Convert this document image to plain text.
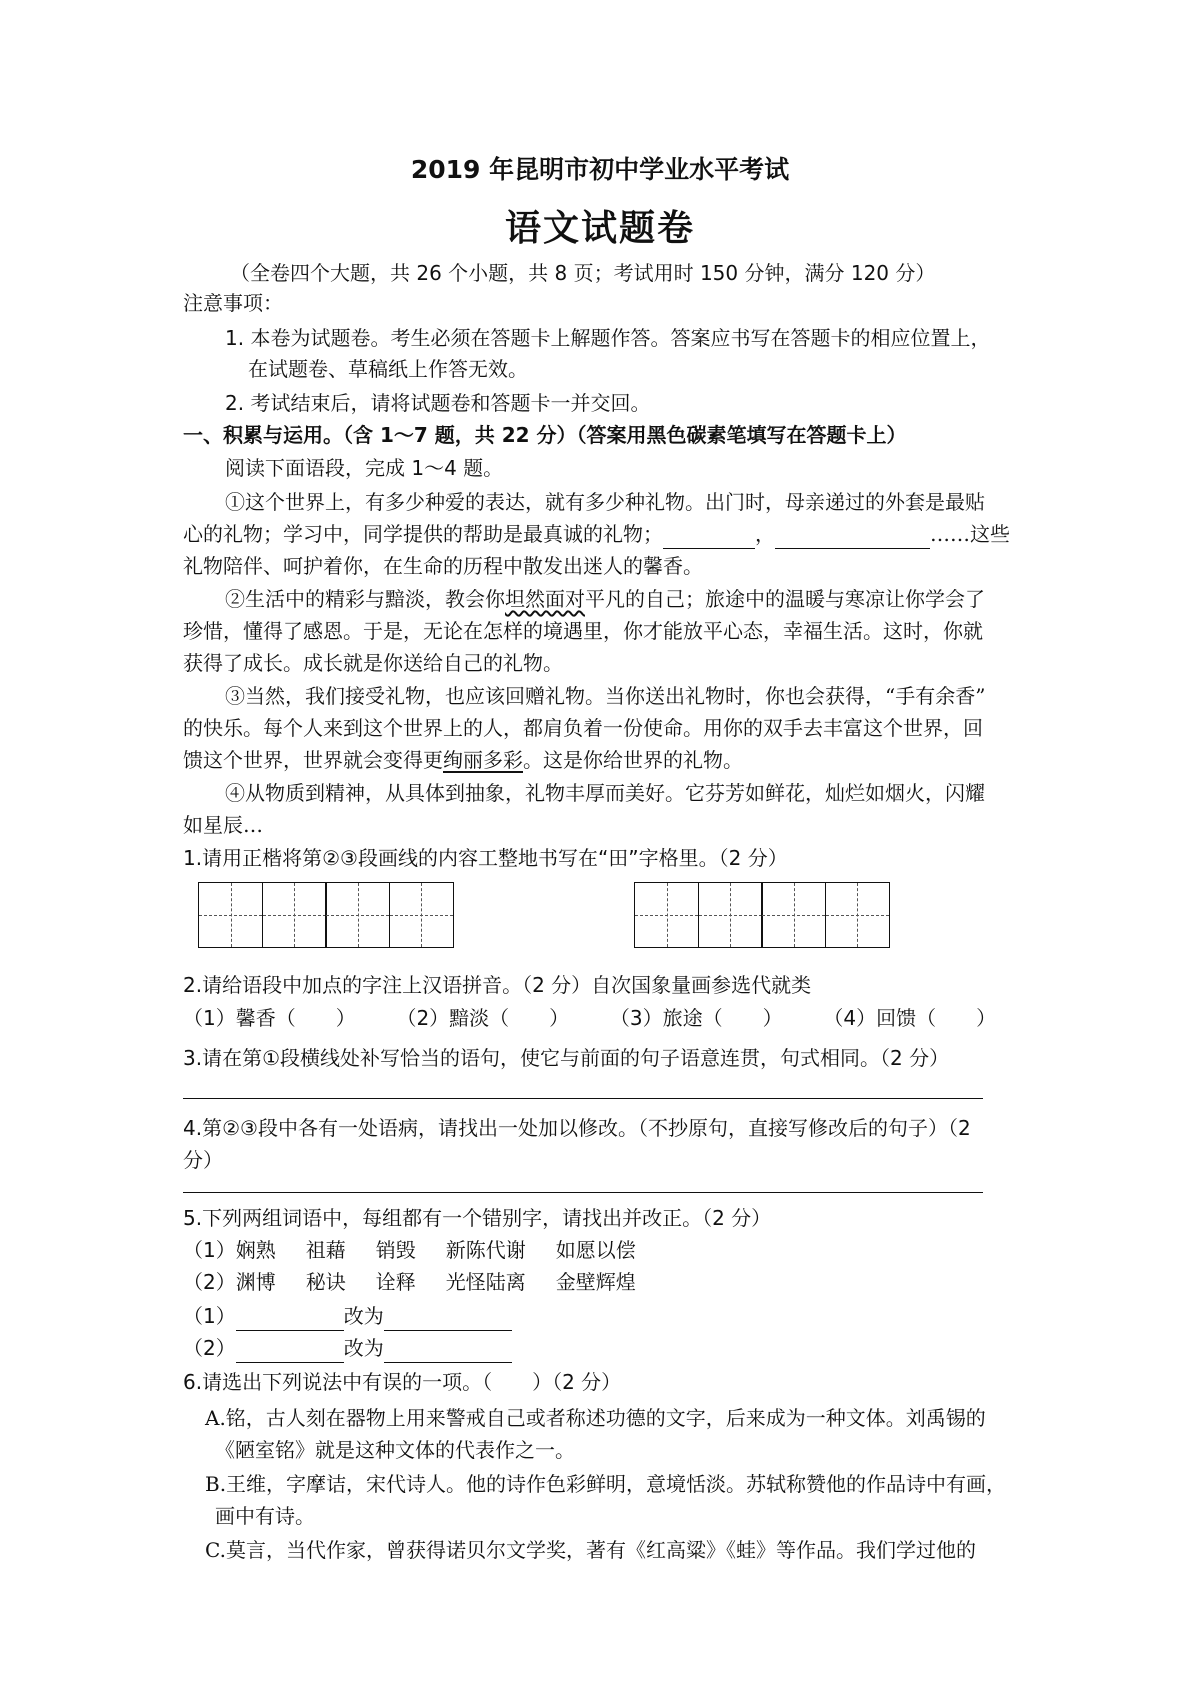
2019 年昆明市初中学业水平考试
语文试题卷
（全卷四个大题，共 26 个小题，共 8 页；考试用时 150 分钟，满分 120 分）
注意事项：
1. 本卷为试题卷。考生必须在答题卡上解题作答。答案应书写在答题卡的相应位置上，
在试题卷、草稿纸上作答无效。
2. 考试结束后，请将试题卷和答题卡一并交回。
一、积累与运用。（含 1～7 题，共 22 分）（答案用黑色碳素笔填写在答题卡上）
阅读下面语段，完成 1～4 题。
①这个世界上，有多少种爱的表达，就有多少种礼物。出门时，母亲递过的外套是最贴
心的礼物；学习中，同学提供的帮助是最真诚的礼物；	，	……这些
礼物陪伴、呵护着你，在生命的历程中散发出迷人的馨香。
②生活中的精彩与黯淡，教会你坦然面对平凡的自己；旅途中的温暖与寒凉让你学会了
珍惜，懂得了感恩。于是，无论在怎样的境遇里，你才能放平心态，幸福生活。这时，你就
获得了成长。成长就是你送给自己的礼物。
③当然，我们接受礼物，也应该回赠礼物。当你送出礼物时，你也会获得，“手有余香”
的快乐。每个人来到这个世界上的人，都肩负着一份使命。用你的双手去丰富这个世界，回
馈这个世界，世界就会变得更绚丽多彩。这是你给世界的礼物。
④从物质到精神，从具体到抽象，礼物丰厚而美好。它芬芳如鲜花，灿烂如烟火，闪耀
如星辰…
1.请用正楷将第②③段画线的内容工整地书写在“田”字格里。（2 分）
2.请给语段中加点的字注上汉语拼音。（2 分）自次国象量画参选代就类
（1）馨香（　　） （2）黯淡（　　） （3）旅途（　　） （4）回馈（　　）
3.请在第①段横线处补写恰当的语句，使它与前面的句子语意连贯，句式相同。（2 分）
4.第②③段中各有一处语病，请找出一处加以修改。（不抄原句，直接写修改后的句子）（2
分）
5.下列两组词语中，每组都有一个错别字，请找出并改正。（2 分）
（1）娴熟 祖藉 销毁 新陈代谢 如愿以偿
（2）渊博 秘诀 诠释 光怪陆离 金壁辉煌
（1）	改为
（2）	改为
6.请选出下列说法中有误的一项。（　　）（2 分）
A.铭，古人刻在器物上用来警戒自己或者称述功德的文字，后来成为一种文体。刘禹锡的
《陋室铭》就是这种文体的代表作之一。
B.王维，字摩诘，宋代诗人。他的诗作色彩鲜明，意境恬淡。苏轼称赞他的作品诗中有画，
画中有诗。
C.莫言，当代作家，曾获得诺贝尔文学奖，著有《红高粱》《蛙》等作品。我们学过他的
